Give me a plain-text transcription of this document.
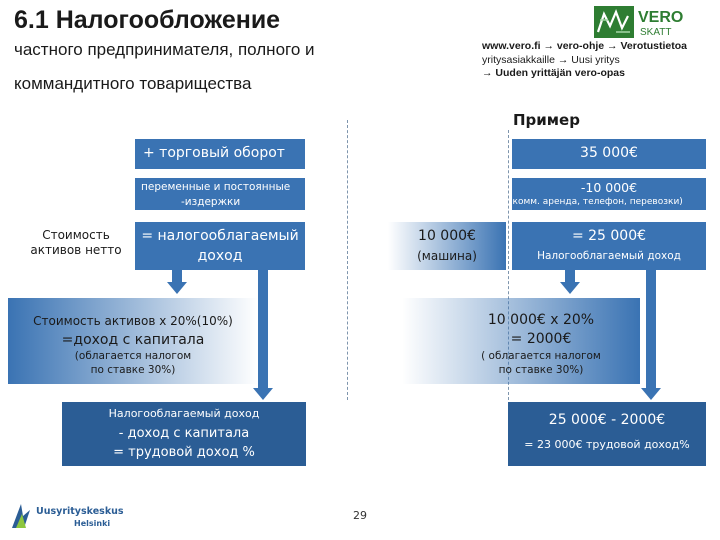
6.1 Налогообложение
частного предпринимателя, полного и
коммандитного товарищества
VERO
SKATT
www.vero.fi → vero-ohje → Verotustietoa
yritysasiakkaille → Uusi yritys
→ Uuden yrittäjän vero-opas
Пример
+ торговый оборот	35 000€
переменные и постоянные
-издержки
-10 000€
(комм. аренда, телефон, перевозки)
Стоимость
активов нетто
= налогооблагаемый
доход
10 000€
(машина)
= 25 000€
Налогооблагаемый доход
Стоимость активов х 20%(10%)
=доход с капитала
(облагается налогом
по ставке 30%)
10 000€ х 20%
= 2000€
( облагается налогом
по ставке 30%)
Налогооблагаемый доход
- доход с капитала
= трудовой доход %
25 000€ - 2000€
= 23 000€ трудовой доход%
Uusyrityskeskus
Helsinki
29
